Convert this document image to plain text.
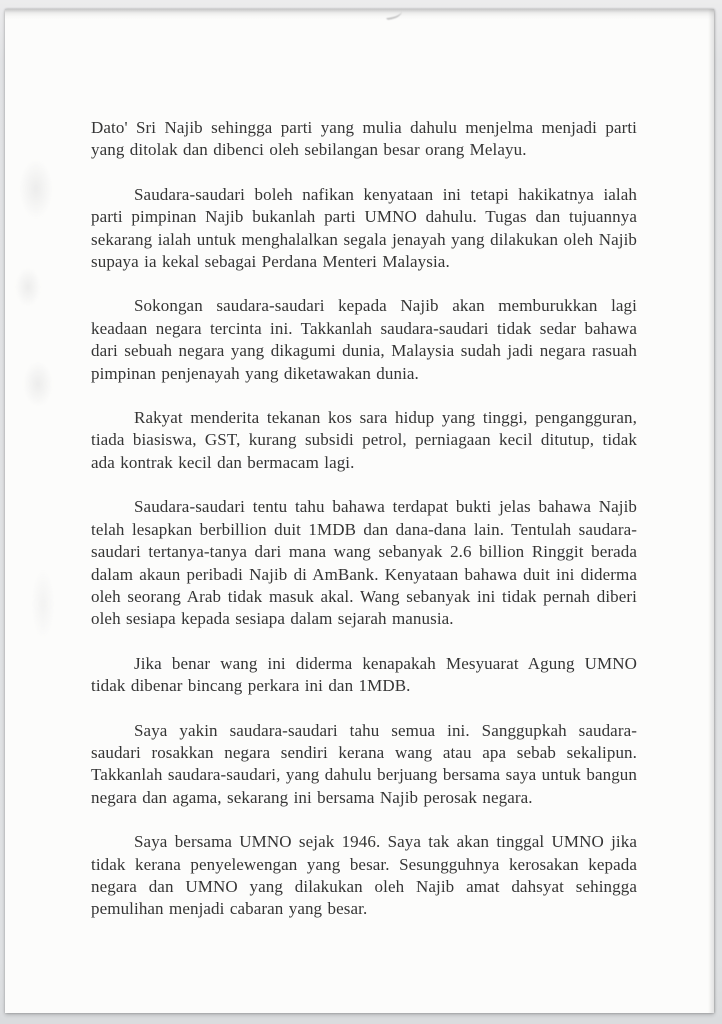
Dato' Sri Najib sehingga parti yang mulia dahulu menjelma menjadi parti yang ditolak dan dibenci oleh sebilangan besar orang Melayu.

Saudara-saudari boleh nafikan kenyataan ini tetapi hakikatnya ialah parti pimpinan Najib bukanlah parti UMNO dahulu. Tugas dan tujuannya sekarang ialah untuk menghalalkan segala jenayah yang dilakukan oleh Najib supaya ia kekal sebagai Perdana Menteri Malaysia.

Sokongan saudara-saudari kepada Najib akan memburukkan lagi keadaan negara tercinta ini. Takkanlah saudara-saudari tidak sedar bahawa dari sebuah negara yang dikagumi dunia, Malaysia sudah jadi negara rasuah pimpinan penjenayah yang diketawakan dunia.

Rakyat menderita tekanan kos sara hidup yang tinggi, pengangguran, tiada biasiswa, GST, kurang subsidi petrol, perniagaan kecil ditutup, tidak ada kontrak kecil dan bermacam lagi.

Saudara-saudari tentu tahu bahawa terdapat bukti jelas bahawa Najib telah lesapkan berbillion duit 1MDB dan dana-dana lain. Tentulah saudara-saudari tertanya-tanya dari mana wang sebanyak 2.6 billion Ringgit berada dalam akaun peribadi Najib di AmBank. Kenyataan bahawa duit ini diderma oleh seorang Arab tidak masuk akal. Wang sebanyak ini tidak pernah diberi oleh sesiapa kepada sesiapa dalam sejarah manusia.

Jika benar wang ini diderma kenapakah Mesyuarat Agung UMNO tidak dibenar bincang perkara ini dan 1MDB.

Saya yakin saudara-saudari tahu semua ini. Sanggupkah saudara-saudari rosakkan negara sendiri kerana wang atau apa sebab sekalipun. Takkanlah saudara-saudari, yang dahulu berjuang bersama saya untuk bangun negara dan agama, sekarang ini bersama Najib perosak negara.

Saya bersama UMNO sejak 1946. Saya tak akan tinggal UMNO jika tidak kerana penyelewengan yang besar. Sesungguhnya kerosakan kepada negara dan UMNO yang dilakukan oleh Najib amat dahsyat sehingga pemulihan menjadi cabaran yang besar.
